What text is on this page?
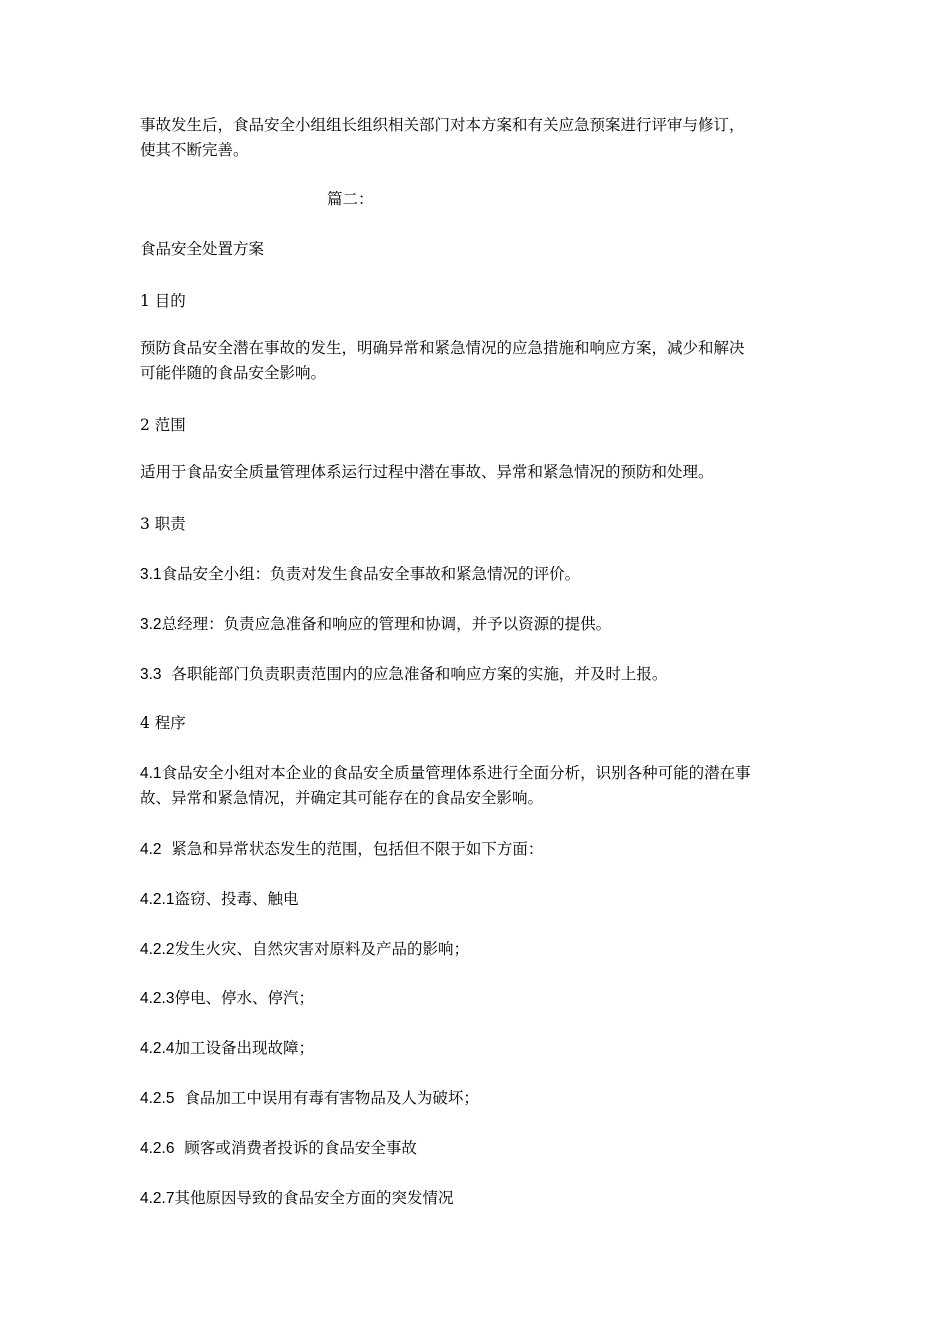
事故发生后，食品安全小组组长组织相关部门对本方案和有关应急预案进行评审与修订，
使其不断完善。

篇二：

食品安全处置方案

1 目的

预防食品安全潜在事故的发生，明确异常和紧急情况的应急措施和响应方案，减少和解决
可能伴随的食品安全影响。

2 范围

适用于食品安全质量管理体系运行过程中潜在事故、异常和紧急情况的预防和处理。

3 职责

3.1食品安全小组：负责对发生食品安全事故和紧急情况的评价。

3.2总经理：负责应急准备和响应的管理和协调，并予以资源的提供。

3.3  各职能部门负责职责范围内的应急准备和响应方案的实施，并及时上报。

4 程序

4.1食品安全小组对本企业的食品安全质量管理体系进行全面分析，识别各种可能的潜在事
故、异常和紧急情况，并确定其可能存在的食品安全影响。

4.2  紧急和异常状态发生的范围，包括但不限于如下方面：

4.2.1盗窃、投毒、触电

4.2.2发生火灾、自然灾害对原料及产品的影响；

4.2.3停电、停水、停汽；

4.2.4加工设备出现故障；

4.2.5  食品加工中误用有毒有害物品及人为破坏；

4.2.6  顾客或消费者投诉的食品安全事故

4.2.7其他原因导致的食品安全方面的突发情况
